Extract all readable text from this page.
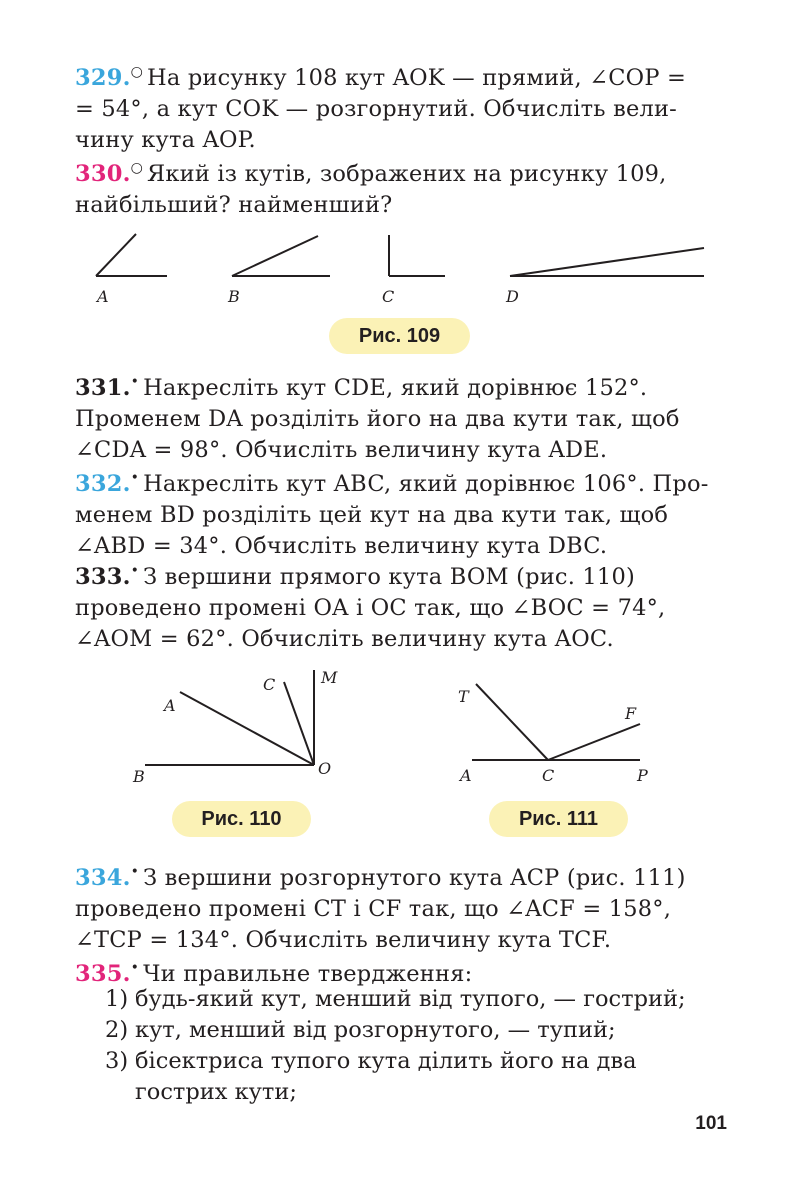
329.○ На рисунку 108 кут AOK — прямий, ∠COP =
= 54°, а кут COK — розгорнутий. Обчисліть вели-
чину кута AOP.
330.○ Який із кутів, зображених на рисунку 109,
найбільший? найменший?
A	B	C	D
Рис. 109
331.• Накресліть кут CDE, який дорівнює 152°.
Променем DA розділіть його на два кути так, щоб
∠CDA = 98°. Обчисліть величину кута ADE.
332.• Накресліть кут ABC, який дорівнює 106°. Про-
менем BD розділіть цей кут на два кути так, щоб
∠ABD = 34°. Обчисліть величину кута DBC.
333.• З вершини прямого кута BOM (рис. 110)
проведено промені OA і OC так, що ∠BOC = 74°,
∠AOM = 62°. Обчисліть величину кута AOC.
A
C	M
B	O
Рис. 110
T
F
A	C	P
Рис. 111
334.• З вершини розгорнутого кута ACP (рис. 111)
проведено промені CT і CF так, що ∠ACF = 158°,
∠TCP = 134°. Обчисліть величину кута TCF.
335.• Чи правильне твердження:
1) будь-який кут, менший від тупого, — гострий;
2) кут, менший від розгорнутого, — тупий;
3) бісектриса тупого кута ділить його на два
гострих кути;
101
